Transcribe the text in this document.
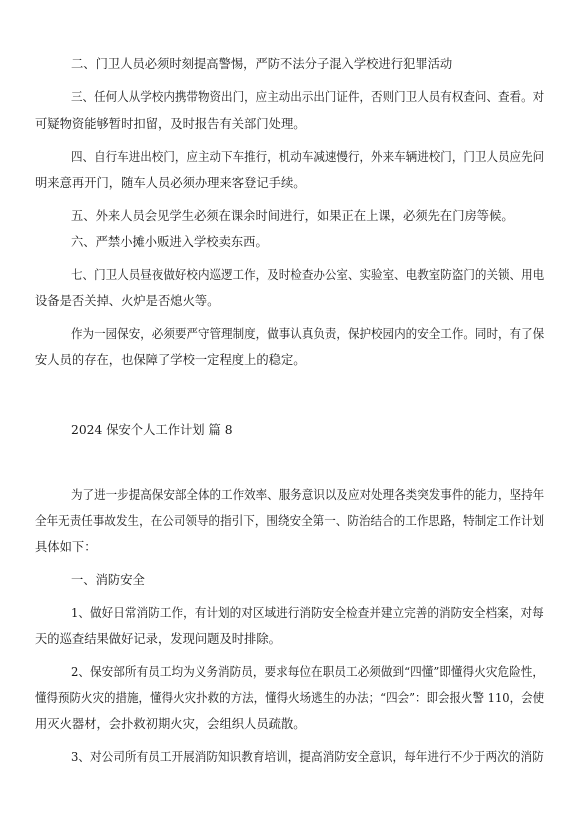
二、门卫人员必须时刻提高警惕，严防不法分子混入学校进行犯罪活动
三、任何人从学校内携带物资出门，应主动出示出门证件，否则门卫人员有权查问、查看。对
可疑物资能够暂时扣留，及时报告有关部门处理。
四、自行车进出校门，应主动下车推行，机动车减速慢行，外来车辆进校门，门卫人员应先问
明来意再开门，随车人员必须办理来客登记手续。
五、外来人员会见学生必须在课余时间进行，如果正在上课，必须先在门房等候。
六、严禁小摊小贩进入学校卖东西。
七、门卫人员昼夜做好校内巡逻工作，及时检查办公室、实验室、电教室防盗门的关锁、用电
设备是否关掉、火炉是否熄火等。
作为一园保安，必须要严守管理制度，做事认真负责，保护校园内的安全工作。同时，有了保
安人员的存在，也保障了学校一定程度上的稳定。
2024 保安个人工作计划 篇 8
为了进一步提高保安部全体的工作效率、服务意识以及应对处理各类突发事件的能力，坚持年
全年无责任事故发生，在公司领导的指引下，围绕安全第一、防治结合的工作思路，特制定工作计划
具体如下：
一、消防安全
1、做好日常消防工作，有计划的对区域进行消防安全检查并建立完善的消防安全档案，对每
天的巡查结果做好记录，发现问题及时排除。
2、保安部所有员工均为义务消防员，要求每位在职员工必须做到“四懂”即懂得火灾危险性，
懂得预防火灾的措施，懂得火灾扑救的方法，懂得火场逃生的办法；“四会”：即会报火警 110，会使
用灭火器材，会扑救初期火灾，会组织人员疏散。
3、对公司所有员工开展消防知识教育培训，提高消防安全意识，每年进行不少于两次的消防
